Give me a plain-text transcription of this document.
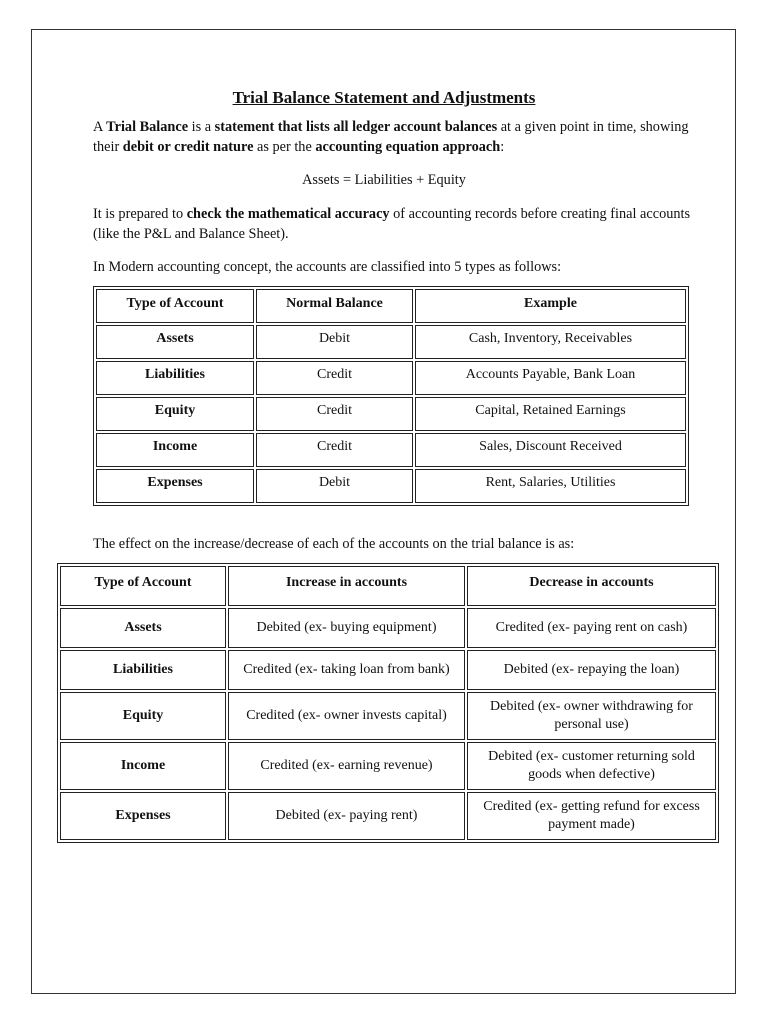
Trial Balance Statement and Adjustments
A Trial Balance is a statement that lists all ledger account balances at a given point in time, showing their debit or credit nature as per the accounting equation approach:
Assets = Liabilities + Equity
It is prepared to check the mathematical accuracy of accounting records before creating final accounts (like the P&L and Balance Sheet).
In Modern accounting concept, the accounts are classified into 5 types as follows:
Type of Account	Normal Balance	Example
Assets	Debit	Cash, Inventory, Receivables
Liabilities	Credit	Accounts Payable, Bank Loan
Equity	Credit	Capital, Retained Earnings
Income	Credit	Sales, Discount Received
Expenses	Debit	Rent, Salaries, Utilities
The effect on the increase/decrease of each of the accounts on the trial balance is as:
Type of Account	Increase in accounts	Decrease in accounts
Assets	Debited (ex- buying equipment)	Credited (ex- paying rent on cash)
Liabilities	Credited (ex- taking loan from bank)	Debited (ex- repaying the loan)
Equity	Credited (ex- owner invests capital)	Debited (ex- owner withdrawing for personal use)
Income	Credited (ex- earning revenue)	Debited (ex- customer returning sold goods when defective)
Expenses	Debited (ex- paying rent)	Credited (ex- getting refund for excess payment made)
